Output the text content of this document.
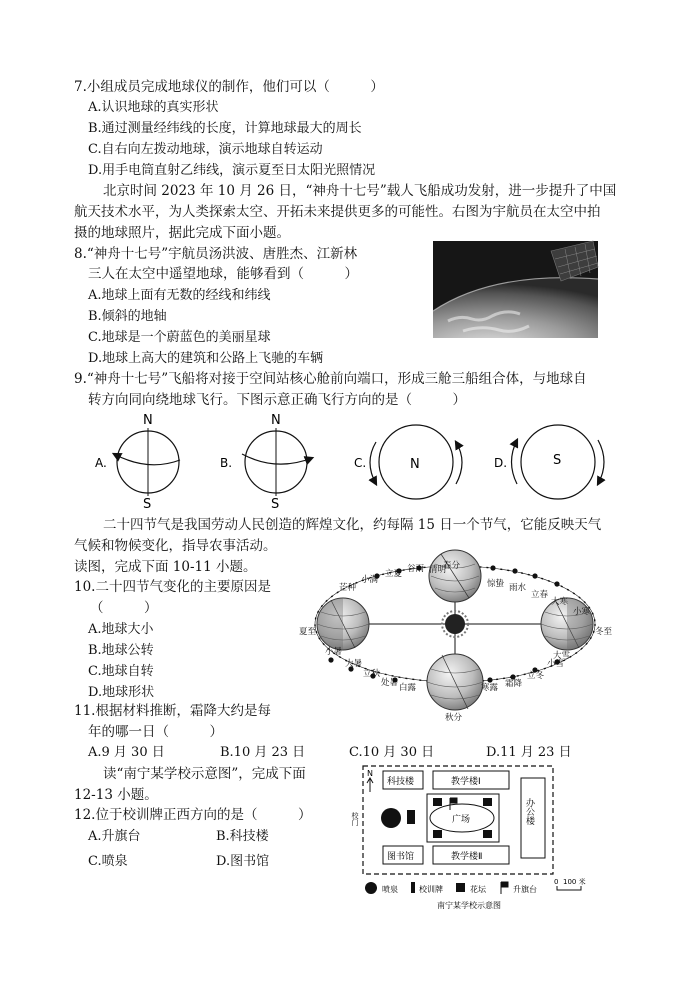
7.小组成员完成地球仪的制作，他们可以（　　　）
A.认识地球的真实形状
B.通过测量经纬线的长度，计算地球最大的周长
C.自右向左拨动地球，演示地球自转运动
D.用手电筒直射乙纬线，演示夏至日太阳光照情况
北京时间 2023 年 10 月 26 日，“神舟十七号”载人飞船成功发射，进一步提升了中国
航天技术水平，为人类探索太空、开拓未来提供更多的可能性。右图为宇航员在太空中拍
摄的地球照片，据此完成下面小题。
8.“神舟十七号”宇航员汤洪波、唐胜杰、江新林
三人在太空中遥望地球，能够看到（　　　）
A.地球上面有无数的经线和纬线
B.倾斜的地轴
C.地球是一个蔚蓝色的美丽星球
D.地球上高大的建筑和公路上飞驰的车辆
9.“神舟十七号”飞船将对接于空间站核心舱前向端口，形成三舱三船组合体，与地球自
转方向同向绕地球飞行。下图示意正确飞行方向的是（　　　）
A.
N
S
B.
N
S
C.	N	D.	S
二十四节气是我国劳动人民创造的辉煌文化，约每隔 15 日一个节气，它能反映天气
气候和物候变化，指导农事活动。
读图，完成下面 10-11 小题。
10.二十四节气变化的主要原因是
（　　　）
A.地球大小
B.地球公转
C.地球自转
D.地球形状
春分
夏至	冬至
秋分
芒种
小满
立夏 谷雨 清明
惊蛰 雨水
立春
大寒
小寒
小暑
大暑
立秋
处暑 白露	寒露 霜降
立冬
小雪
大雪
11.根据材料推断，霜降大约是每
年的哪一日（　　　）
A.9 月 30 日	B.10 月 23 日	C.10 月 30 日	D.11 月 23 日
读“南宁某学校示意图”，完成下面
12-13 小题。
12.位于校训牌正西方向的是（　　　）
A.升旗台	B.科技楼
C.喷泉	D.图书馆
N
科技楼	教学楼Ⅰ
图书馆	教学楼Ⅱ
办公楼
校门	广场
喷泉	校训牌	花坛	升旗台
0 100 米
南宁某学校示意图
